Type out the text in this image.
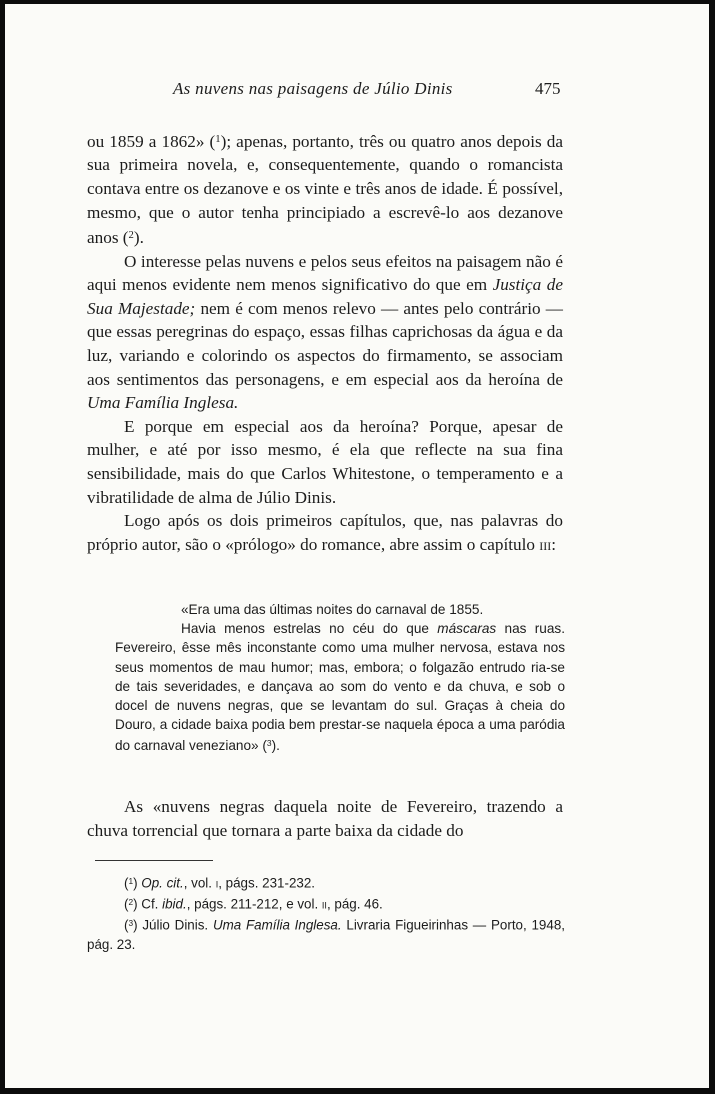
As nuvens nas paisagens de Júlio Dinis	475

ou 1859 a 1862» ($^1$); apenas, portanto, três ou quatro anos depois da sua primeira novela, e, consequentemente, quando o romancista contava entre os dezanove e os vinte e três anos de idade. É possível, mesmo, que o autor tenha principiado a escrevê-lo aos dezanove anos ($^2$).

O interesse pelas nuvens e pelos seus efeitos na paisagem não é aqui menos evidente nem menos significativo do que em Justiça de Sua Majestade; nem é com menos relevo — antes pelo contrário — que essas peregrinas do espaço, essas filhas caprichosas da água e da luz, variando e colorindo os aspectos do firmamento, se associam aos sentimentos das personagens, e em especial aos da heroína de Uma Família Inglesa.

E porque em especial aos da heroína? Porque, apesar de mulher, e até por isso mesmo, é ela que reflecte na sua fina sensibilidade, mais do que Carlos Whitestone, o temperamento e a vibratilidade de alma de Júlio Dinis.

Logo após os dois primeiros capítulos, que, nas palavras do próprio autor, são o «prólogo» do romance, abre assim o capítulo iii:

«Era uma das últimas noites do carnaval de 1855.

Havia menos estrelas no céu do que máscaras nas ruas. Fevereiro, êsse mês inconstante como uma mulher nervosa, estava nos seus momentos de mau humor; mas, embora; o folgazão entrudo ria-se de tais severidades, e dançava ao som do vento e da chuva, e sob o docel de nuvens negras, que se levantam do sul. Graças à cheia do Douro, a cidade baixa podia bem prestar-se naquela época a uma paródia do carnaval veneziano» ($^3$).

As «nuvens negras daquela noite de Fevereiro, trazendo a chuva torrencial que tornara a parte baixa da cidade do

($^1$) Op. cit., vol. i, págs. 231-232.

($^2$) Cf. ibid., págs. 211-212, e vol. ii, pág. 46.

($^3$) Júlio Dinis. Uma Família Inglesa. Livraria Figueirinhas — Porto, 1948, pág. 23.
